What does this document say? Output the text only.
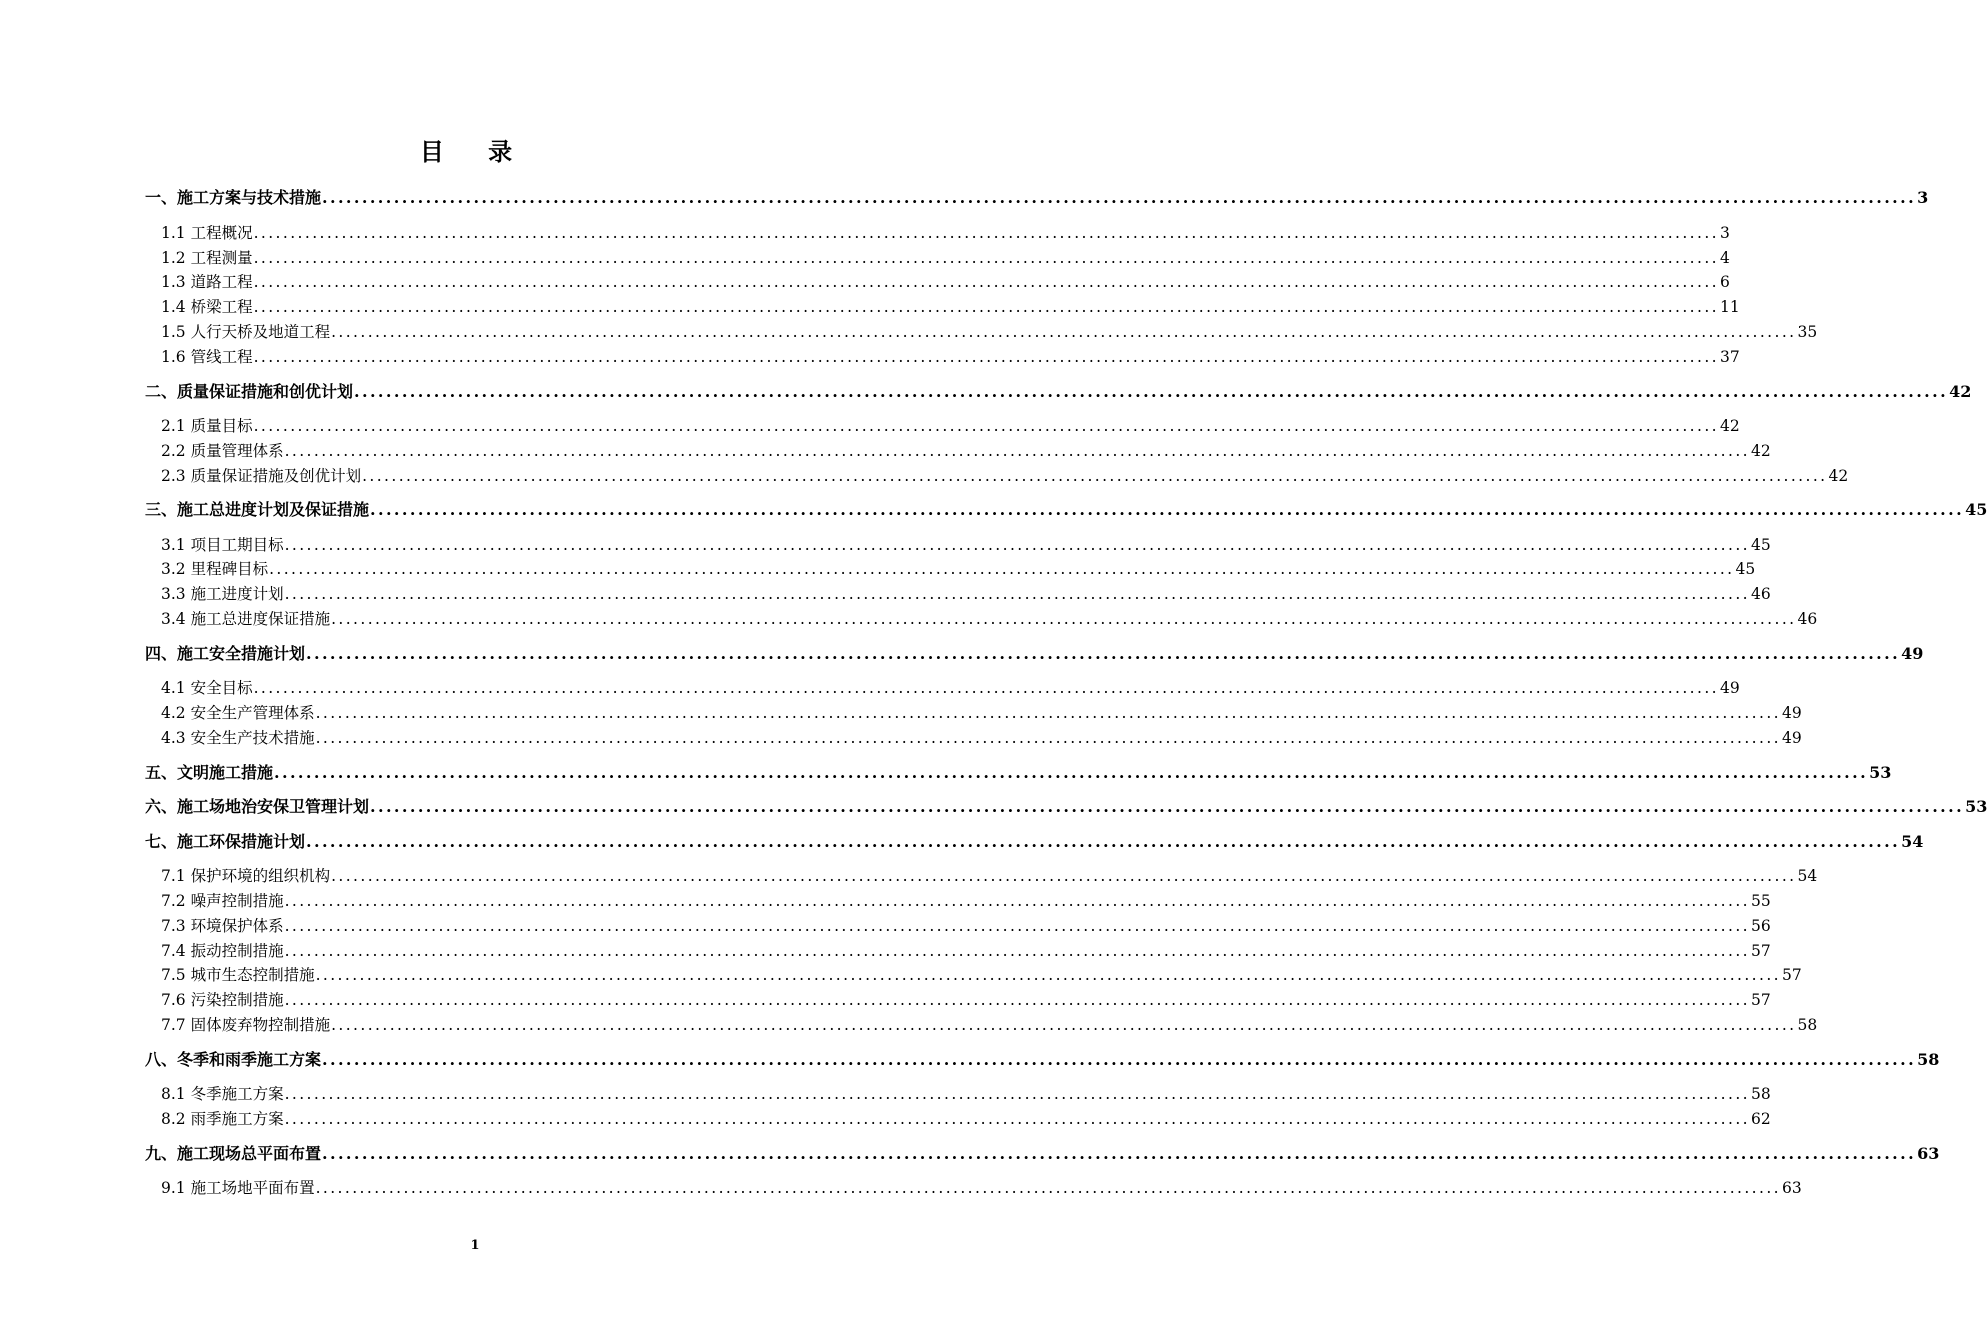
目 录
一、施工方案与技术措施 ........................................................................................................................................................................................................ 3
1.1 工程概况 ........................................................................................................................................................................................................ 3
1.2 工程测量 ........................................................................................................................................................................................................ 4
1.3 道路工程 ........................................................................................................................................................................................................ 6
1.4 桥梁工程 ........................................................................................................................................................................................................ 11
1.5 人行天桥及地道工程 ........................................................................................................................................................................................................ 35
1.6 管线工程 ........................................................................................................................................................................................................ 37
二、质量保证措施和创优计划 ........................................................................................................................................................................................................ 42
2.1 质量目标 ........................................................................................................................................................................................................ 42
2.2 质量管理体系 ........................................................................................................................................................................................................ 42
2.3 质量保证措施及创优计划 ........................................................................................................................................................................................................ 42
三、施工总进度计划及保证措施 ........................................................................................................................................................................................................ 45
3.1 项目工期目标 ........................................................................................................................................................................................................ 45
3.2 里程碑目标 ........................................................................................................................................................................................................ 45
3.3 施工进度计划 ........................................................................................................................................................................................................ 46
3.4 施工总进度保证措施 ........................................................................................................................................................................................................ 46
四、施工安全措施计划 ........................................................................................................................................................................................................ 49
4.1 安全目标 ........................................................................................................................................................................................................ 49
4.2 安全生产管理体系 ........................................................................................................................................................................................................ 49
4.3 安全生产技术措施 ........................................................................................................................................................................................................ 49
五、文明施工措施 ........................................................................................................................................................................................................ 53
六、施工场地治安保卫管理计划 ........................................................................................................................................................................................................ 53
七、施工环保措施计划 ........................................................................................................................................................................................................ 54
7.1 保护环境的组织机构 ........................................................................................................................................................................................................ 54
7.2 噪声控制措施 ........................................................................................................................................................................................................ 55
7.3 环境保护体系 ........................................................................................................................................................................................................ 56
7.4 振动控制措施 ........................................................................................................................................................................................................ 57
7.5 城市生态控制措施 ........................................................................................................................................................................................................ 57
7.6 污染控制措施 ........................................................................................................................................................................................................ 57
7.7 固体废弃物控制措施 ........................................................................................................................................................................................................ 58
八、冬季和雨季施工方案 ........................................................................................................................................................................................................ 58
8.1 冬季施工方案 ........................................................................................................................................................................................................ 58
8.2 雨季施工方案 ........................................................................................................................................................................................................ 62
九、施工现场总平面布置 ........................................................................................................................................................................................................ 63
9.1 施工场地平面布置 ........................................................................................................................................................................................................ 63
1
